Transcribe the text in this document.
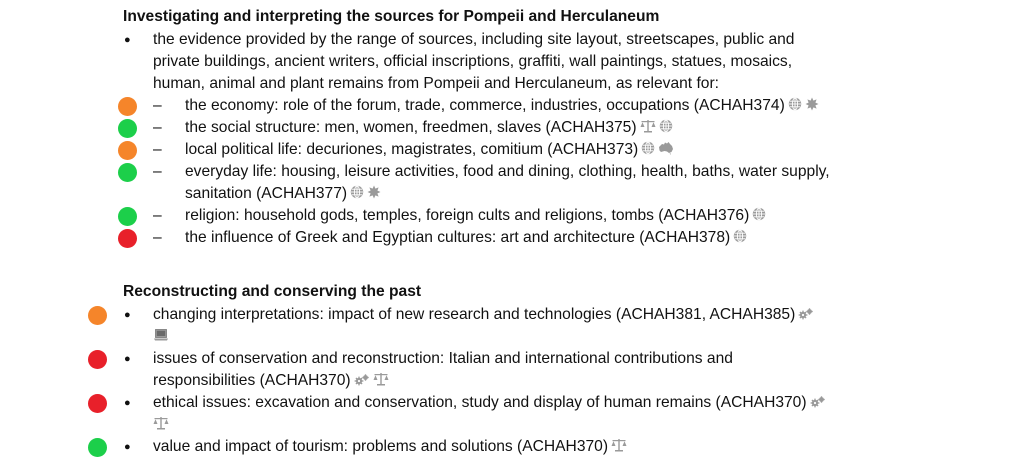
Investigating and interpreting the sources for Pompeii and Herculaneum
● the evidence provided by the range of sources, including site layout, streetscapes, public and
private buildings, ancient writers, official inscriptions, graffiti, wall paintings, statues, mosaics,
human, animal and plant remains from Pompeii and Herculaneum, as relevant for:
– the economy: role of the forum, trade, commerce, industries, occupations (ACHAH374)
– the social structure: men, women, freedmen, slaves (ACHAH375)
– local political life: decuriones, magistrates, comitium (ACHAH373)
– everyday life: housing, leisure activities, food and dining, clothing, health, baths, water supply,
sanitation (ACHAH377)
– religion: household gods, temples, foreign cults and religions, tombs (ACHAH376)
– the influence of Greek and Egyptian cultures: art and architecture (ACHAH378)
Reconstructing and conserving the past
● changing interpretations: impact of new research and technologies (ACHAH381, ACHAH385)
● issues of conservation and reconstruction: Italian and international contributions and
responsibilities (ACHAH370)
● ethical issues: excavation and conservation, study and display of human remains (ACHAH370)
● value and impact of tourism: problems and solutions (ACHAH370)
